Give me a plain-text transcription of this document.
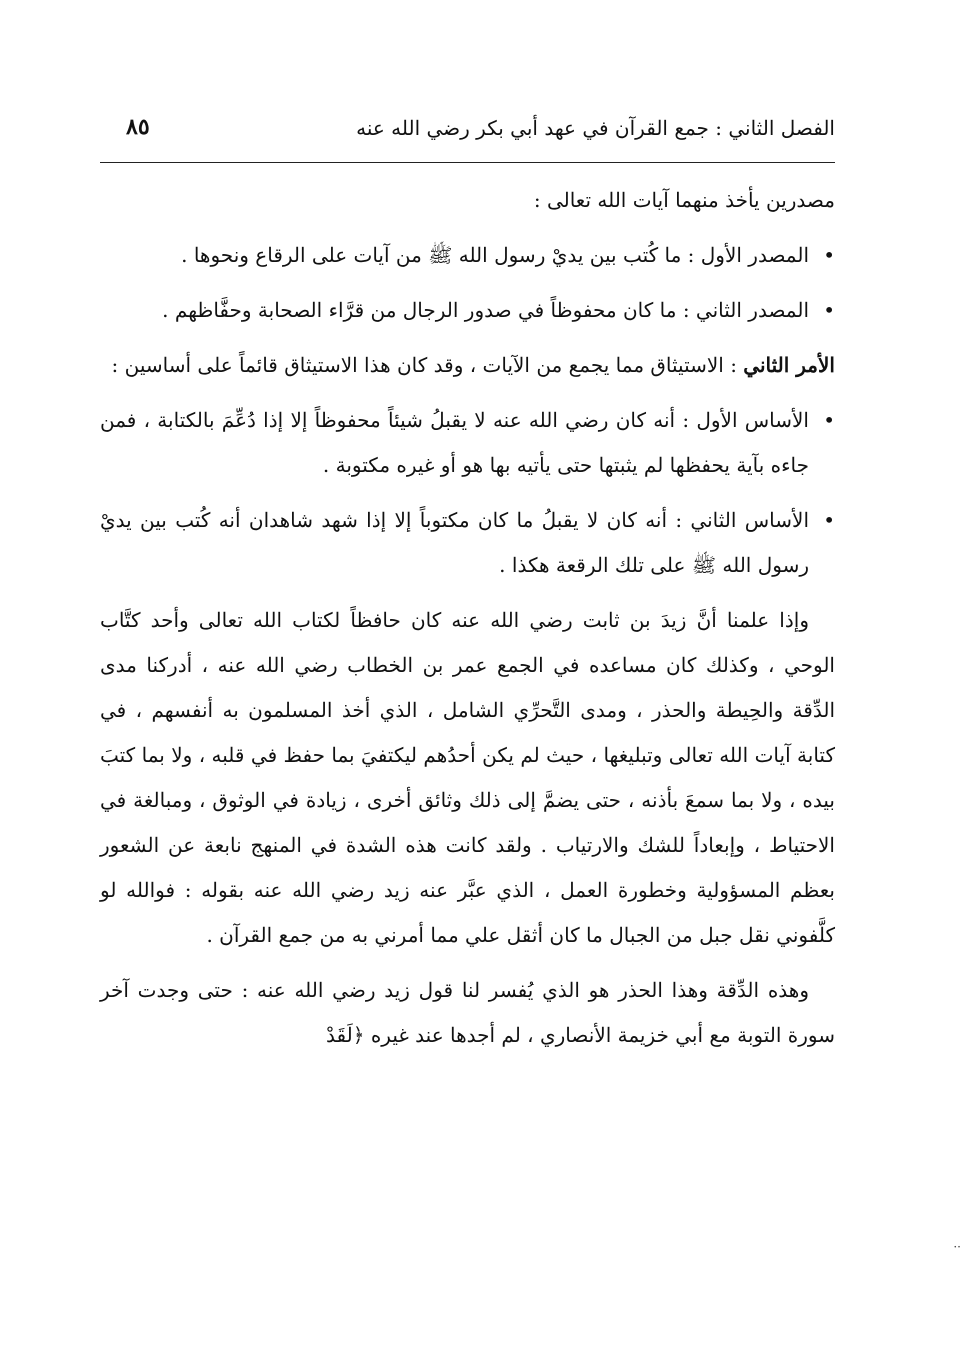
الفصل الثاني : جمع القرآن في عهد أبي بكر رضي الله عنه
٨٥

مصدرين يأخذ منهما آيات الله تعالى :

•المصدر الأول : ما كُتب بين يديْ رسول الله ﷺ من آيات على الرقاع ونحوها .

•المصدر الثاني : ما كان محفوظاً في صدور الرجال من قرَّاء الصحابة وحفَّاظهم .

الأمر الثاني : الاستيثاق مما يجمع من الآيات ، وقد كان هذا الاستيثاق قائماً على أساسين :

•الأساس الأول : أنه كان رضي الله عنه لا يقبلُ شيئاً محفوظاً إلا إذا دُعِّمَ بالكتابة ، فمن جاءه بآية يحفظها لم يثبتها حتى يأتيه بها هو أو غيره مكتوبة .

•الأساس الثاني : أنه كان لا يقبلُ ما كان مكتوباً إلا إذا شهد شاهدان أنه كُتب بين يديْ رسول الله ﷺ على تلك الرقعة هكذا .

وإذا علمنا أنَّ زيدَ بن ثابت رضي الله عنه كان حافظاً لكتاب الله تعالى وأحد كتَّاب الوحي ، وكذلك كان مساعده في الجمع عمر بن الخطاب رضي الله عنه ، أدركنا مدى الدِّقة والحِيطة والحذر ، ومدى التَّحرِّي الشامل ، الذي أخذ المسلمون به أنفسهم ، في كتابة آيات الله تعالى وتبليغها ، حيث لم يكن أحدُهم ليكتفيَ بما حفظ في قلبه ، ولا بما كتبَ بيده ، ولا بما سمعَ بأذنه ، حتى يضمَّ إلى ذلك وثائق أخرى ، زيادة في الوثوق ، ومبالغة في الاحتياط ، وإبعاداً للشك والارتياب . ولقد كانت هذه الشدة في المنهج نابعة عن الشعور بعظم المسؤولية وخطورة العمل ، الذي عبَّر عنه زيد رضي الله عنه بقوله : فوالله لو كلَّفوني نقل جبل من الجبال ما كان أثقل علي مما أمرني به من جمع القرآن .

وهذه الدِّقة وهذا الحذر هو الذي يُفسر لنا قول زيد رضي الله عنه : حتى وجدت آخر سورة التوبة مع أبي خزيمة الأنصاري ، لم أجدها عند غيره ﴿لَقَدْ

··
